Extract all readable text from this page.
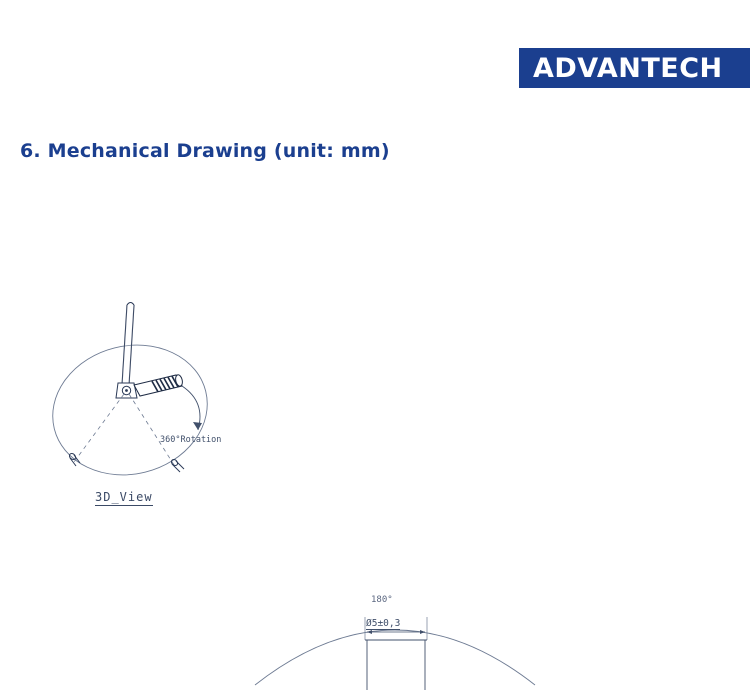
ADVANTECH
6. Mechanical Drawing (unit: mm)
360°Rotation
3D_View
180°
Ø5±0,3
